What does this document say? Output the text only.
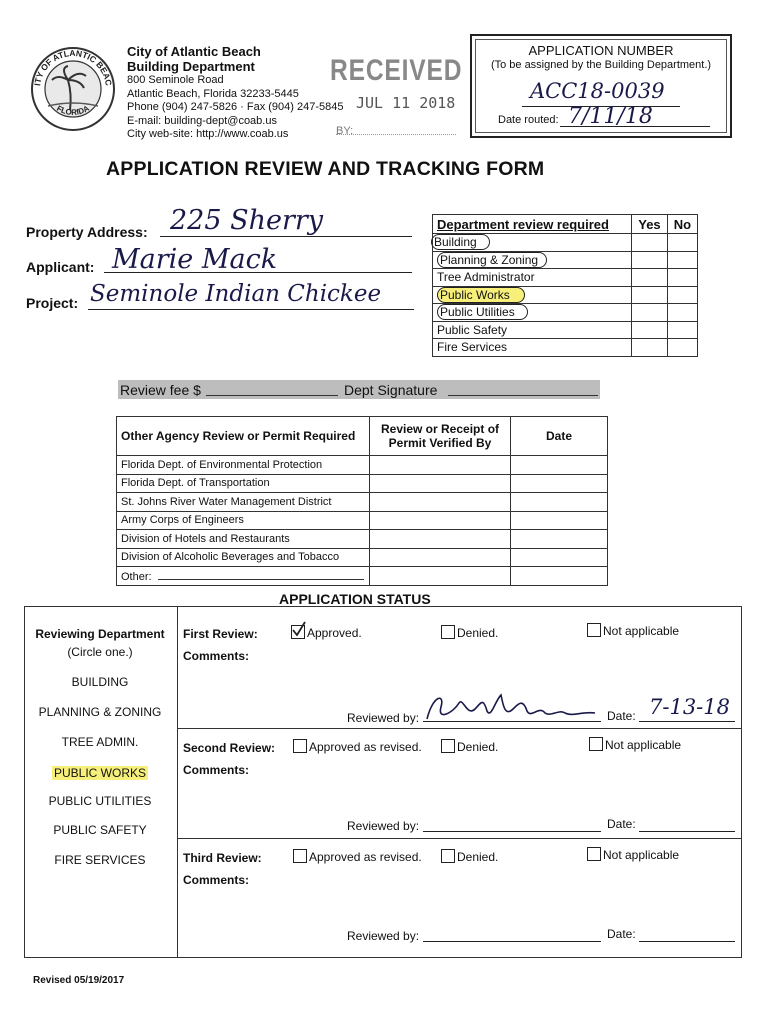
ITY OF ATLANTIC BEAC
FLORIDA
City of Atlantic Beach
Building Department
800 Seminole Road
Atlantic Beach, Florida 32233-5445
Phone (904) 247-5826 · Fax (904) 247-5845
E-mail: building-dept@coab.us
City web-site: http://www.coab.us
RECEIVED
JUL 11 2018
BY:
APPLICATION NUMBER
(To be assigned by the Building Department.)
ACC18-0039
Date routed: 7/11/18
APPLICATION REVIEW AND TRACKING FORM
Property Address: 225 Sherry
Applicant: Marie Mack
Project: Seminole Indian Chickee
Department review required	Yes	No
Building		
Planning & Zoning		
Tree Administrator		
Public Works		
Public Utilities		
Public Safety		
Fire Services		
Review fee $	Dept Signature
Other Agency Review or Permit Required	Review or Receipt of Permit Verified By	Date
Florida Dept. of Environmental Protection		
Florida Dept. of Transportation		
St. Johns River Water Management District		
Army Corps of Engineers		
Division of Hotels and Restaurants		
Division of Alcoholic Beverages and Tobacco		
Other:		
APPLICATION STATUS
Reviewing Department
(Circle one.)
BUILDING
PLANNING & ZONING
TREE ADMIN.
PUBLIC WORKS
PUBLIC UTILITIES
PUBLIC SAFETY
FIRE SERVICES
First Review:	Approved.	Denied.	Not applicable
Comments:
Reviewed by:	Date: 7-13-18
Second Review:	Approved as revised.	Denied.	Not applicable
Comments:
Reviewed by:	Date:
Third Review:	Approved as revised.	Denied.	Not applicable
Comments:
Reviewed by:	Date:
Revised 05/19/2017
